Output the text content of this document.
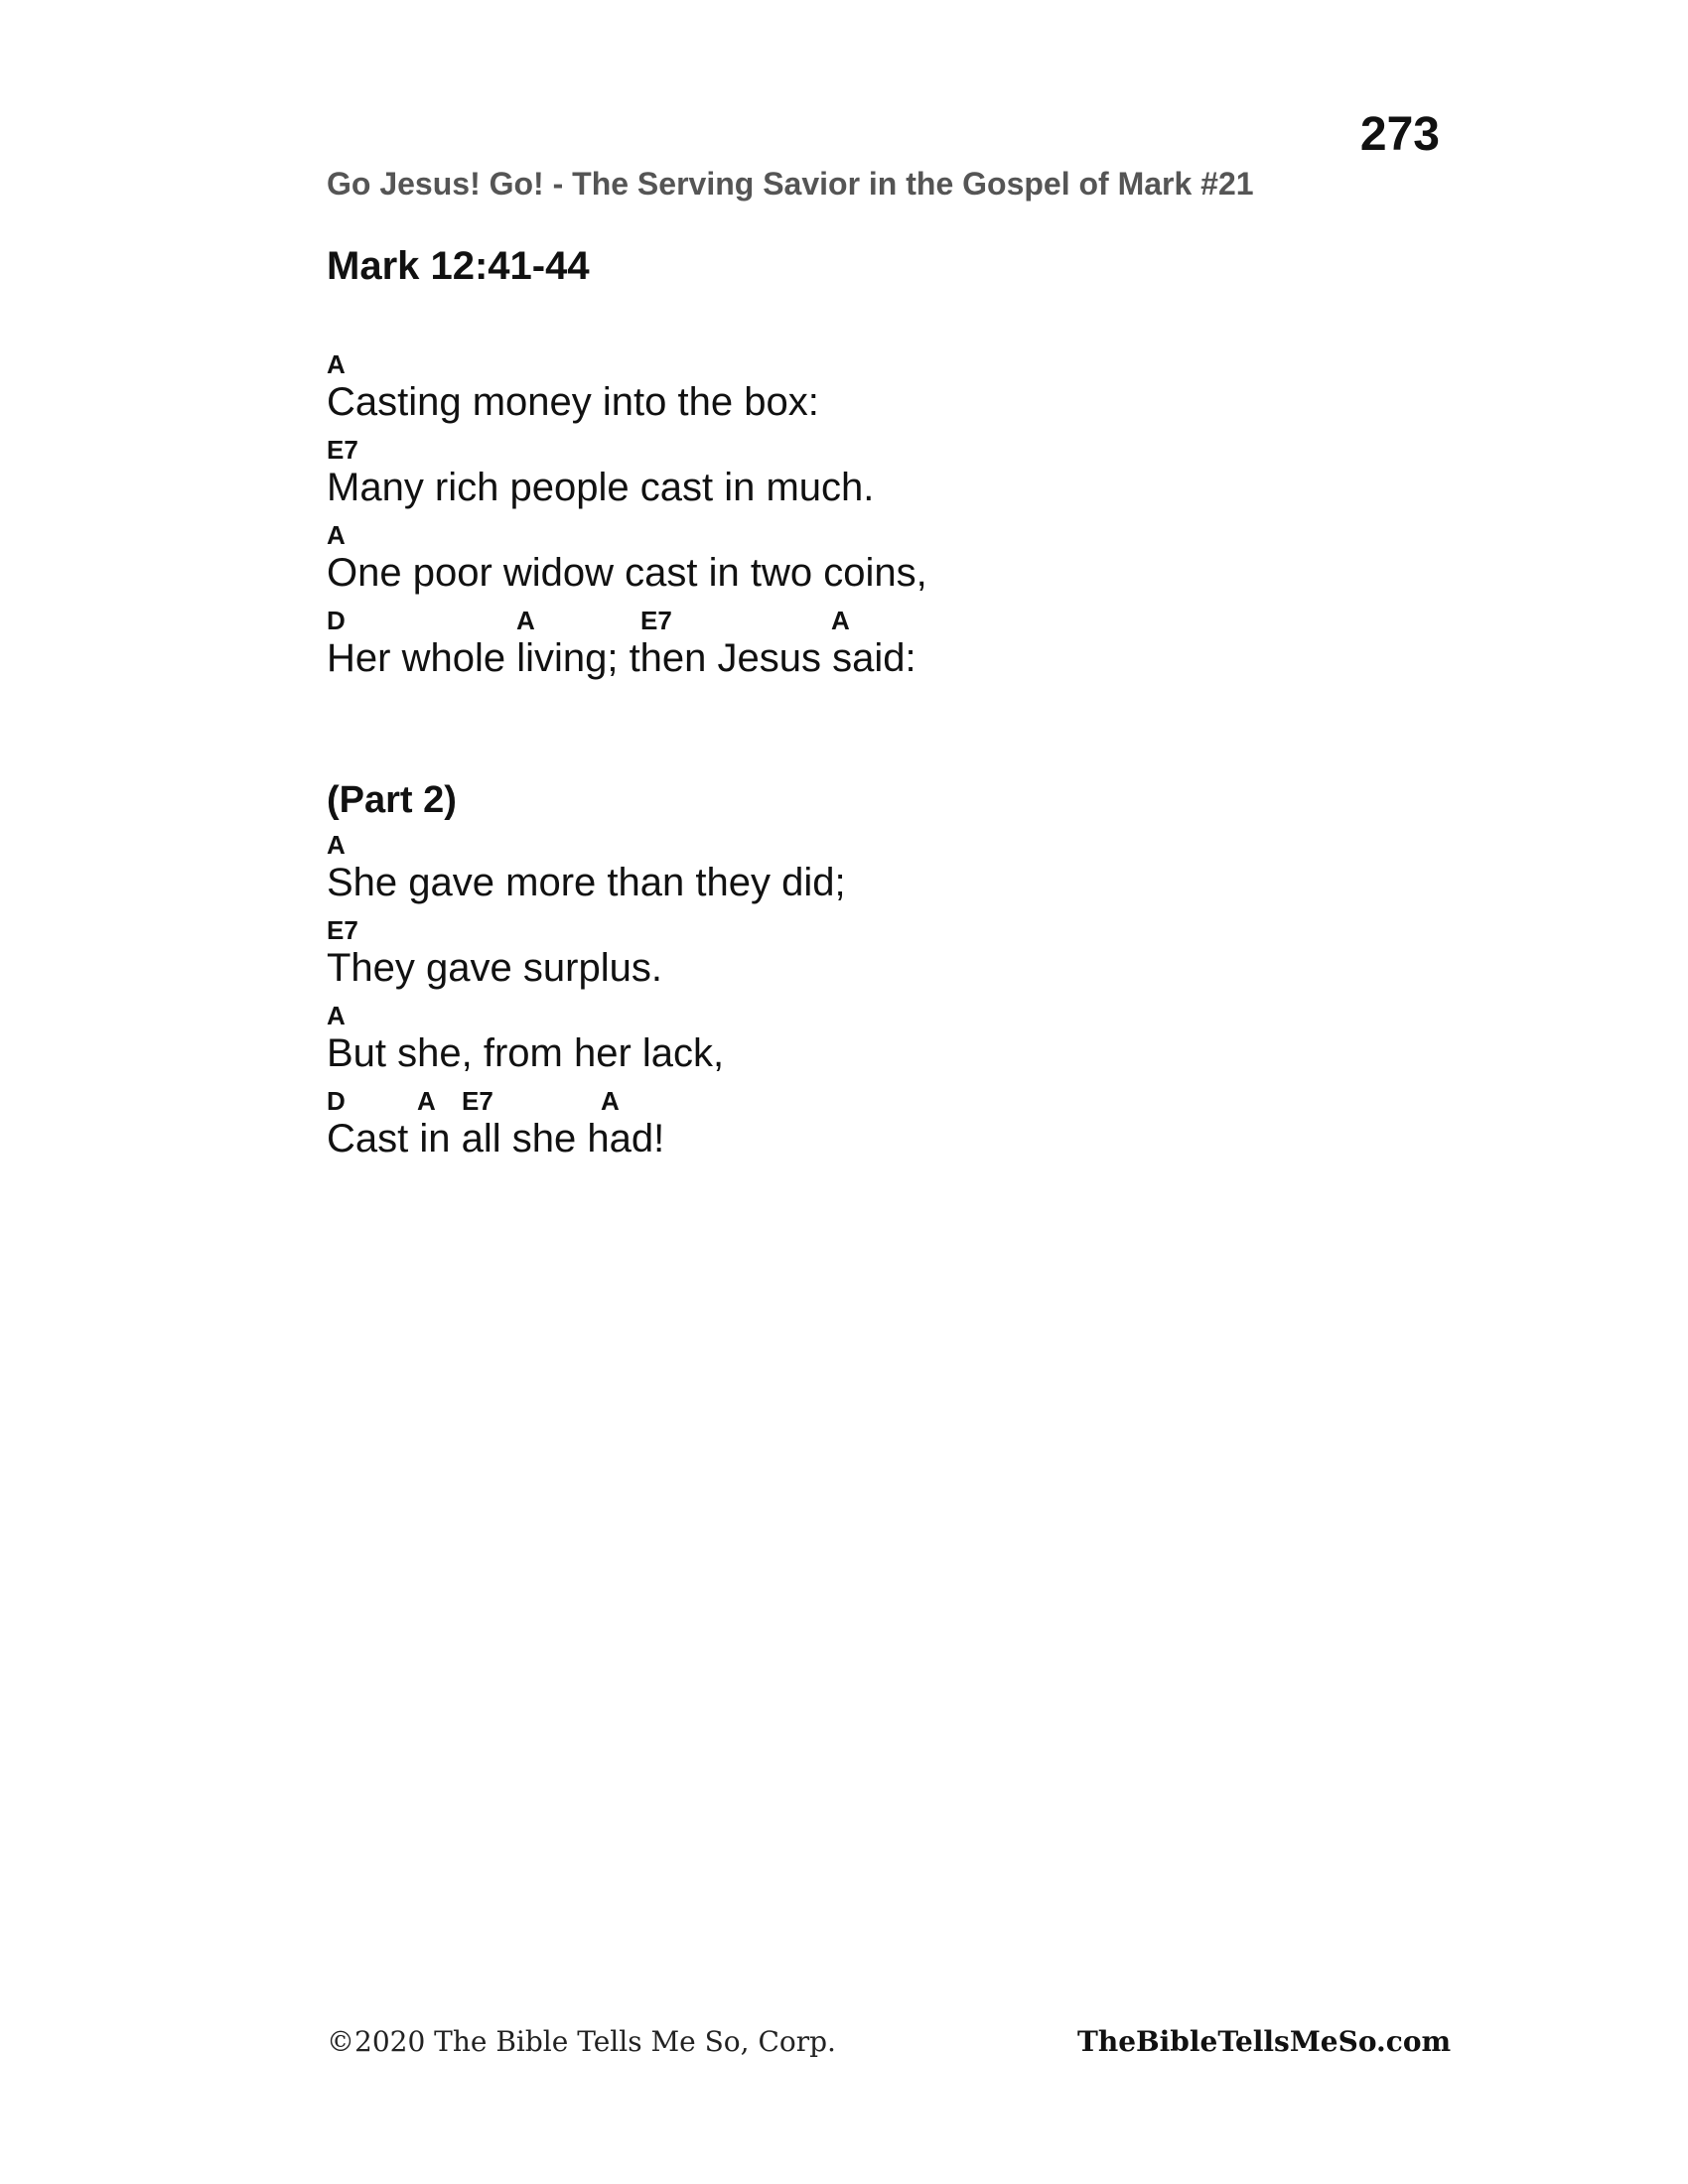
273
Go Jesus! Go! - The Serving Savior in the Gospel of Mark #21
Mark 12:41-44
A
Casting money into the box:
E7
Many rich people cast in much.
A
One poor widow cast in two coins,
D	A	E7	A
Her whole living; then Jesus said:
(Part 2)
A
She gave more than they did;
E7
They gave surplus.
A
But she, from her lack,
D	A E7	A
Cast in all she had!
©2020 The Bible Tells Me So, Corp.	TheBibleTellsMeSo.com
